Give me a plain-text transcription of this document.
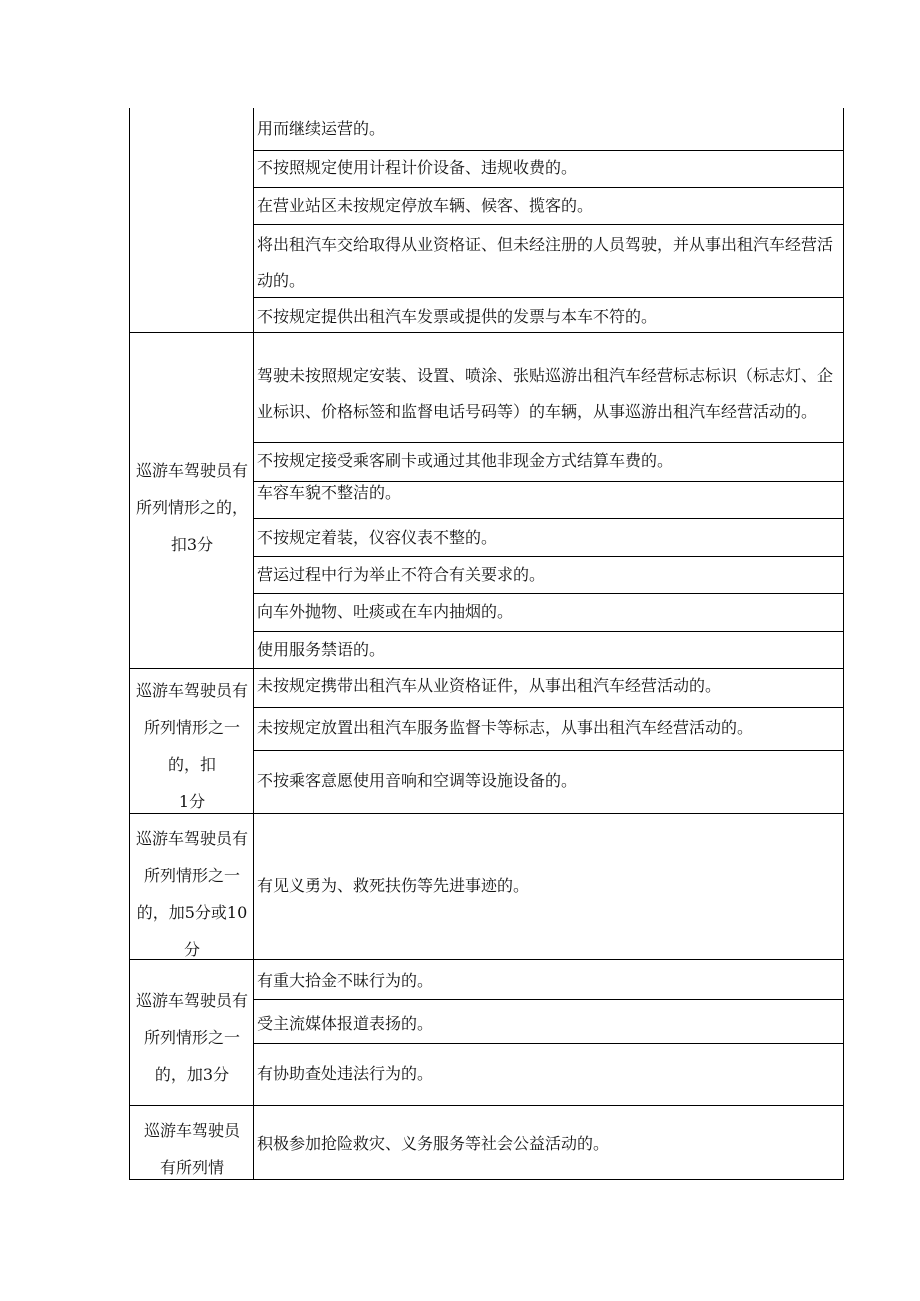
巡游车驾驶员有
所列情形之的，
扣3分
巡游车驾驶员有
所列情形之一
的，扣
1分
巡游车驾驶员有
所列情形之一
的，加5分或10
分
巡游车驾驶员有
所列情形之一
的，加3分
巡游车驾驶员
有所列情
用而继续运营的。
不按照规定使用计程计价设备、违规收费的。
在营业站区未按规定停放车辆、候客、揽客的。
将出租汽车交给取得从业资格证、但未经注册的人员驾驶，并从事出租汽车经营活动的。
不按规定提供出租汽车发票或提供的发票与本车不符的。
驾驶未按照规定安装、设置、喷涂、张贴巡游出租汽车经营标志标识（标志灯、企业标识、价格标签和监督电话号码等）的车辆，从事巡游出租汽车经营活动的。
不按规定接受乘客刷卡或通过其他非现金方式结算车费的。
车容车貌不整洁的。
不按规定着装，仪容仪表不整的。
营运过程中行为举止不符合有关要求的。
向车外抛物、吐痰或在车内抽烟的。
使用服务禁语的。
未按规定携带出租汽车从业资格证件，从事出租汽车经营活动的。
未按规定放置出租汽车服务监督卡等标志，从事出租汽车经营活动的。
不按乘客意愿使用音响和空调等设施设备的。
有见义勇为、救死扶伤等先进事迹的。
有重大拾金不昧行为的。
受主流媒体报道表扬的。
有协助查处违法行为的。
积极参加抢险救灾、义务服务等社会公益活动的。
